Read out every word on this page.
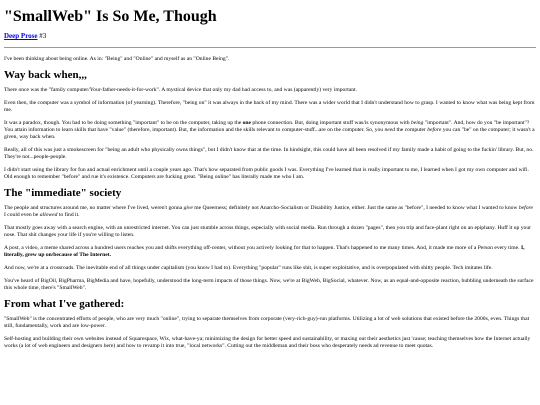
"SmallWeb" Is So Me, Though
Deep Prose #3

I've been thinking about being online. As in: "Being" and "Online" and myself as an "Online Being".

Way back when,,,

There once was the "family computer/Your-father-needs-it-for-work". A mystical device that only my dad had access to, and was (apparently) very important.

Even then, the computer was a symbol of information (of yearning). Therefore, "being on" it was always in the back of my mind. There was a wider world that I didn't understand how to grasp. I wanted to know what was being kept from me.

It was a paradox, though. You had to be doing something "important" to be on the computer, taking up the one phone connection. But, doing important stuff was/is synonymous with being "important". And, how do you "be important"? You attain information to learn skills that have "value" (therefore, important). But, the information and the skills relevant to computer-stuff...are on the computer. So, you need the computer before you can "be" on the computer; it wasn't a given, way back when.

Really, all of this was just a smokescreen for "being an adult who physically owns things", but I didn't know that at the time. In hindsight, this could have all been resolved if my family made a habit of going to the fuckin' library. But, no. They're not...people-people.

I didn't start using the library for fun and actual enrichment until a couple years ago. That's how separated from public goods I was. Everything I've learned that is really important to me, I learned when I got my own computer and wifi. Old enough to remember "before" and rue it's existence. Computers are fucking great. "Being online" has literally made me who I am.

The "immediate" society

The people and structures around me, no matter where I've lived, weren't gonna give me Queerness; definitely not Anarcho-Socialism or Disability Justice, either. Just the same as "before", I needed to know what I wanted to know before I could even be allowed to find it.

That mostly goes away with a search engine, with an unrestricted internet. You can just stumble across things, especially with social media. Run through a dozen "pages", then you trip and face-plant right on an epiphany. Huff it up your nose. That shit changes your life if you're willing to listen.

A post, a video, a meme shared across a hundred users reaches you and shifts everything off-center, without you actively looking for that to happen. That's happened to me many times. And, it made me more of a Person every time. I, literally, grew up on/because of The Internet.

And now, we're at a crossroads. The inevitable end of all things under capitalism (you know I had to). Everything "popular" runs like shit, is super exploitative, and is overpopulated with shitty people. Tech imitates life.

You've heard of BigOil, BigPharma, BigMedia and have, hopefully, understood the long-term impacts of those things. Now, we're at BigWeb, BigSocial, whatever. Now, as an equal-and-opposite reaction, bubbling underneath the surface this whole time, there's "SmallWeb".

From what I've gathered:

"SmallWeb" is the concentrated efforts of people, who are very much "online", trying to separate themselves from corporate (very-rich-guy)-run platforms. Utilizing a lot of web solutions that existed before the 2000s, even. Things that still, fundamentally, work and are low-power.

Self-hosting and building their own websites instead of Squarespace, Wix, what-have-ya; minimizing the design for better speed and sustainability, or maxing out their aesthetics just 'cause; teaching themselves how the Internet actually works (a lot of web engineers and designers here) and how to revamp it into true, "local networks". Cutting out the middleman and their boss who desperately needs ad revenue to meet quotas.
